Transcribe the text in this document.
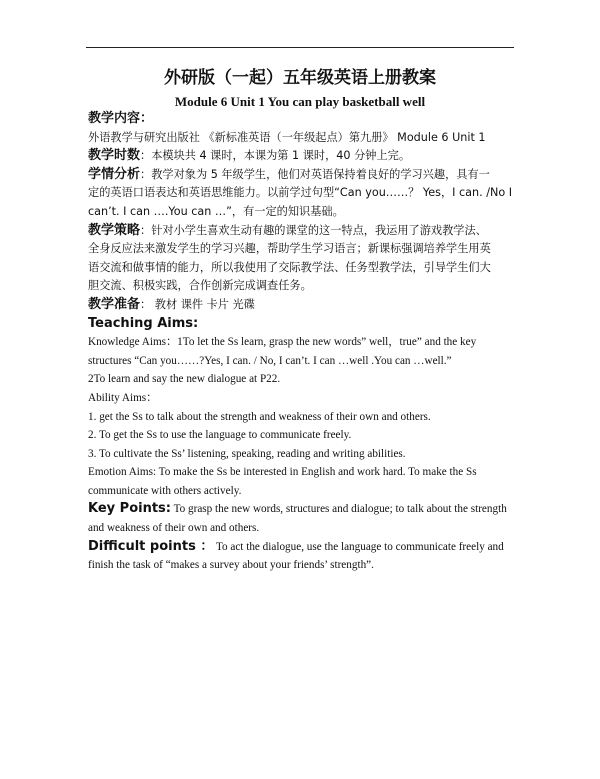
外研版（一起）五年级英语上册教案
Module 6 Unit 1 You can play basketball well
教学内容：
外语教学与研究出版社 《新标准英语（一年级起点）第九册》 Module 6 Unit 1
教学时数：本模块共 4 课时，本课为第 1 课时，40 分钟上完。
学情分析：教学对象为 5 年级学生，他们对英语保持着良好的学习兴趣，具有一
定的英语口语表达和英语思维能力。以前学过句型“Can you……？ Yes，I can. /No I
can’t. I can ….You can …”，有一定的知识基础。
教学策略：针对小学生喜欢生动有趣的课堂的这一特点，我运用了游戏教学法、
全身反应法来激发学生的学习兴趣，帮助学生学习语言；新课标强调培养学生用英
语交流和做事情的能力，所以我使用了交际教学法、任务型教学法，引导学生们大
胆交流、积极实践，合作创新完成调查任务。
教学准备： 教材 课件 卡片 光碟
Teaching Aims:
Knowledge Aims：1To let the Ss learn, grasp the new words” well，true” and the key
structures “Can you……?Yes, I can. / No, I can’t. I can …well .You can …well.”
2To learn and say the new dialogue at P22.
Ability Aims：
1. get the Ss to talk about the strength and weakness of their own and others.
2. To get the Ss to use the language to communicate freely.
3. To cultivate the Ss’ listening, speaking, reading and writing abilities.
Emotion Aims: To make the Ss be interested in English and work hard. To make the Ss
communicate with others actively.
Key Points: To grasp the new words, structures and dialogue; to talk about the strength
and weakness of their own and others.
Difficult points ： To act the dialogue, use the language to communicate freely and
finish the task of “makes a survey about your friends’ strength”.
